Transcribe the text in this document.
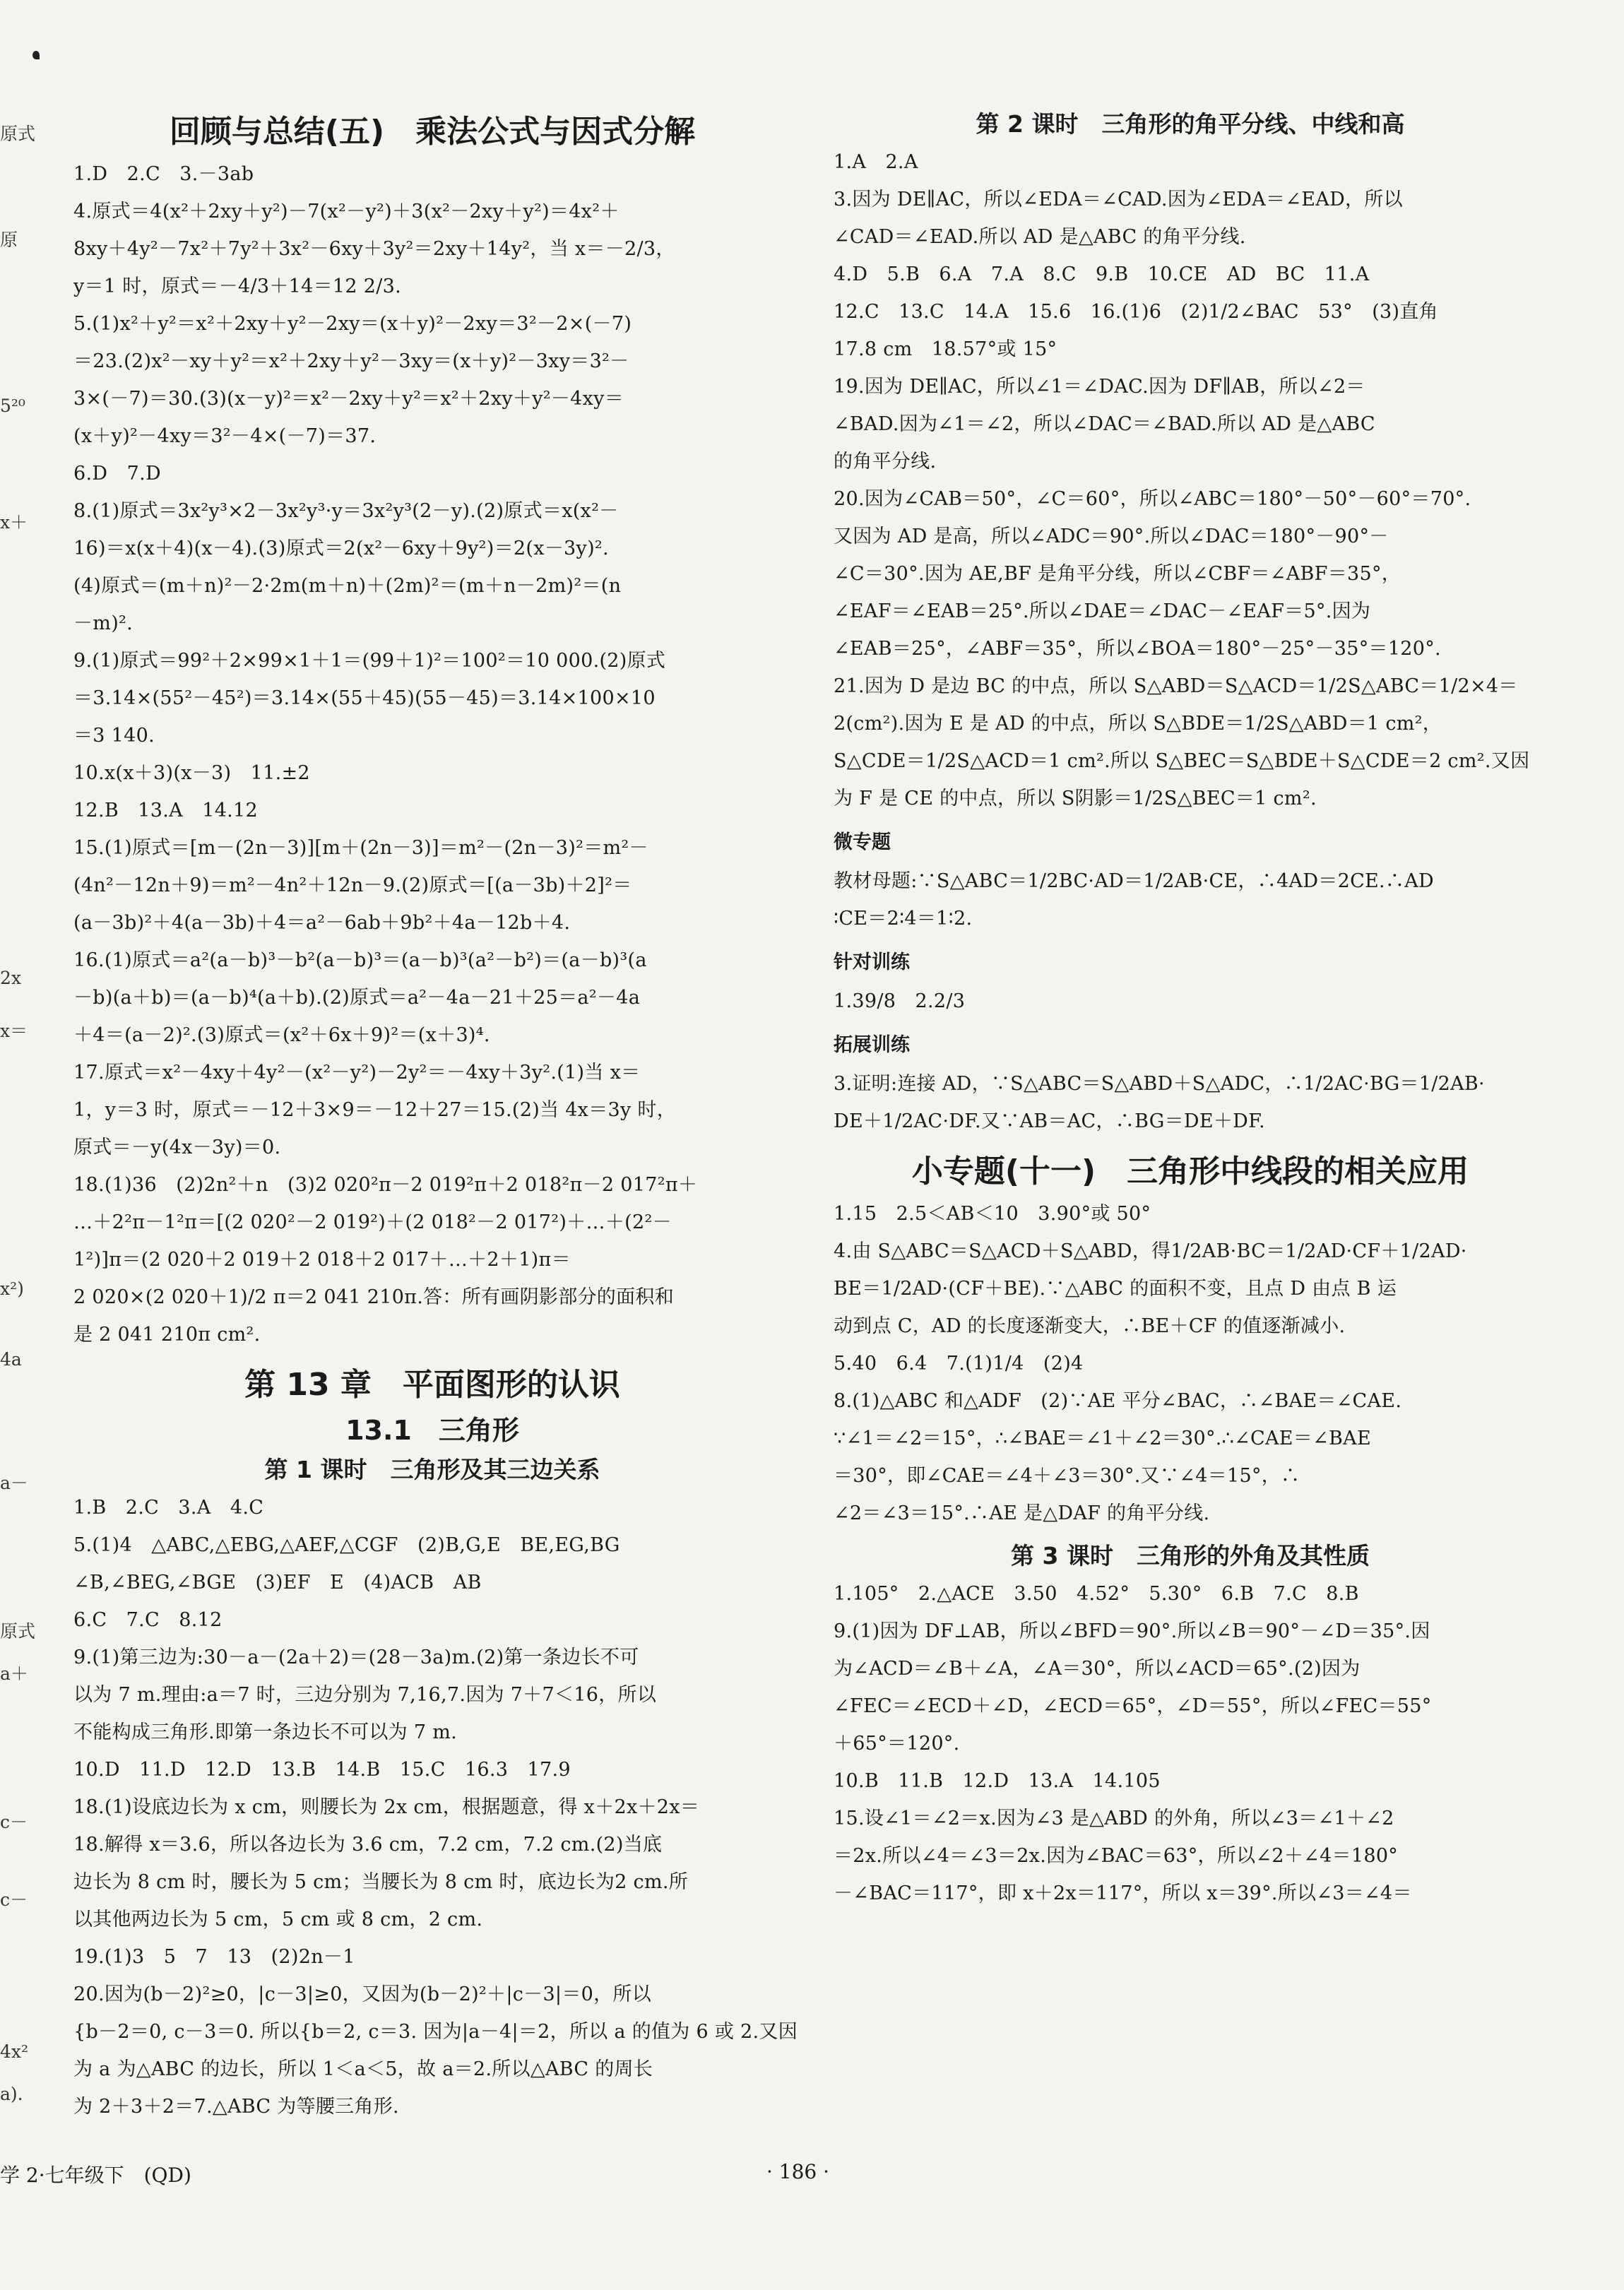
原式
原
5²⁰
x＋
2x
x＝
x²)
4a
a－
原式
a＋
c－
c－
4x²
a).
回顾与总结(五)　乘法公式与因式分解
1.D　2.C　3.－3ab
4.原式＝4(x²＋2xy＋y²)－7(x²－y²)＋3(x²－2xy＋y²)＝4x²＋
8xy＋4y²－7x²＋7y²＋3x²－6xy＋3y²＝2xy＋14y²，当 x＝－2/3，
y＝1 时，原式＝－4/3＋14＝12 2/3.
5.(1)x²＋y²＝x²＋2xy＋y²－2xy＝(x＋y)²－2xy＝3²－2×(－7)
＝23.(2)x²－xy＋y²＝x²＋2xy＋y²－3xy＝(x＋y)²－3xy＝3²－
3×(－7)＝30.(3)(x－y)²＝x²－2xy＋y²＝x²＋2xy＋y²－4xy＝
(x＋y)²－4xy＝3²－4×(－7)＝37.
6.D　7.D
8.(1)原式＝3x²y³×2－3x²y³·y＝3x²y³(2－y).(2)原式＝x(x²－
16)＝x(x＋4)(x－4).(3)原式＝2(x²－6xy＋9y²)＝2(x－3y)².
(4)原式＝(m＋n)²－2·2m(m＋n)＋(2m)²＝(m＋n－2m)²＝(n
－m)².
9.(1)原式＝99²＋2×99×1＋1＝(99＋1)²＝100²＝10 000.(2)原式
＝3.14×(55²－45²)＝3.14×(55＋45)(55－45)＝3.14×100×10
＝3 140.
10.x(x＋3)(x－3)　11.±2
12.B　13.A　14.12
15.(1)原式＝[m－(2n－3)][m＋(2n－3)]＝m²－(2n－3)²＝m²－
(4n²－12n＋9)＝m²－4n²＋12n－9.(2)原式＝[(a－3b)＋2]²＝
(a－3b)²＋4(a－3b)＋4＝a²－6ab＋9b²＋4a－12b＋4.
16.(1)原式＝a²(a－b)³－b²(a－b)³＝(a－b)³(a²－b²)＝(a－b)³(a
－b)(a＋b)＝(a－b)⁴(a＋b).(2)原式＝a²－4a－21＋25＝a²－4a
＋4＝(a－2)².(3)原式＝(x²＋6x＋9)²＝(x＋3)⁴.
17.原式＝x²－4xy＋4y²－(x²－y²)－2y²＝－4xy＋3y².(1)当 x＝
1，y＝3 时，原式＝－12＋3×9＝－12＋27＝15.(2)当 4x＝3y 时，
原式＝－y(4x－3y)＝0.
18.(1)36　(2)2n²＋n　(3)2 020²π－2 019²π＋2 018²π－2 017²π＋
…＋2²π－1²π＝[(2 020²－2 019²)＋(2 018²－2 017²)＋…＋(2²－
1²)]π＝(2 020＋2 019＋2 018＋2 017＋…＋2＋1)π＝
2 020×(2 020＋1)/2 π＝2 041 210π.答：所有画阴影部分的面积和
是 2 041 210π cm².
第 13 章　平面图形的认识
13.1　三角形
第 1 课时　三角形及其三边关系
1.B　2.C　3.A　4.C
5.(1)4　△ABC,△EBG,△AEF,△CGF　(2)B,G,E　BE,EG,BG
∠B,∠BEG,∠BGE　(3)EF　E　(4)ACB　AB
6.C　7.C　8.12
9.(1)第三边为:30－a－(2a＋2)＝(28－3a)m.(2)第一条边长不可
以为 7 m.理由:a＝7 时，三边分别为 7,16,7.因为 7＋7＜16，所以
不能构成三角形.即第一条边长不可以为 7 m.
10.D　11.D　12.D　13.B　14.B　15.C　16.3　17.9
18.(1)设底边长为 x cm，则腰长为 2x cm，根据题意，得 x＋2x＋2x＝
18.解得 x＝3.6，所以各边长为 3.6 cm，7.2 cm，7.2 cm.(2)当底
边长为 8 cm 时，腰长为 5 cm；当腰长为 8 cm 时，底边长为2 cm.所
以其他两边长为 5 cm，5 cm 或 8 cm，2 cm.
19.(1)3　5　7　13　(2)2n－1
20.因为(b－2)²≥0，|c－3|≥0，又因为(b－2)²＋|c－3|＝0，所以
{b－2＝0, c－3＝0. 所以{b＝2, c＝3. 因为|a－4|＝2，所以 a 的值为 6 或 2.又因
为 a 为△ABC 的边长，所以 1＜a＜5，故 a＝2.所以△ABC 的周长
为 2＋3＋2＝7.△ABC 为等腰三角形.
第 2 课时　三角形的角平分线、中线和高
1.A　2.A
3.因为 DE∥AC，所以∠EDA＝∠CAD.因为∠EDA＝∠EAD，所以
∠CAD＝∠EAD.所以 AD 是△ABC 的角平分线.
4.D　5.B　6.A　7.A　8.C　9.B　10.CE　AD　BC　11.A
12.C　13.C　14.A　15.6　16.(1)6　(2)1/2∠BAC　53°　(3)直角
17.8 cm　18.57°或 15°
19.因为 DE∥AC，所以∠1＝∠DAC.因为 DF∥AB，所以∠2＝
∠BAD.因为∠1＝∠2，所以∠DAC＝∠BAD.所以 AD 是△ABC
的角平分线.
20.因为∠CAB＝50°，∠C＝60°，所以∠ABC＝180°－50°－60°＝70°.
又因为 AD 是高，所以∠ADC＝90°.所以∠DAC＝180°－90°－
∠C＝30°.因为 AE,BF 是角平分线，所以∠CBF＝∠ABF＝35°，
∠EAF＝∠EAB＝25°.所以∠DAE＝∠DAC－∠EAF＝5°.因为
∠EAB＝25°，∠ABF＝35°，所以∠BOA＝180°－25°－35°＝120°.
21.因为 D 是边 BC 的中点，所以 S△ABD＝S△ACD＝1/2S△ABC＝1/2×4＝
2(cm²).因为 E 是 AD 的中点，所以 S△BDE＝1/2S△ABD＝1 cm²，
S△CDE＝1/2S△ACD＝1 cm².所以 S△BEC＝S△BDE＋S△CDE＝2 cm².又因
为 F 是 CE 的中点，所以 S阴影＝1/2S△BEC＝1 cm².
微专题
教材母题:∵S△ABC＝1/2BC·AD＝1/2AB·CE，∴4AD＝2CE.∴AD
∶CE＝2∶4＝1∶2.
针对训练
1.39/8　2.2/3
拓展训练
3.证明:连接 AD，∵S△ABC＝S△ABD＋S△ADC，∴1/2AC·BG＝1/2AB·
DE＋1/2AC·DF.又∵AB＝AC，∴BG＝DE＋DF.
小专题(十一)　三角形中线段的相关应用
1.15　2.5＜AB＜10　3.90°或 50°
4.由 S△ABC＝S△ACD＋S△ABD，得1/2AB·BC＝1/2AD·CF＋1/2AD·
BE＝1/2AD·(CF＋BE).∵△ABC 的面积不变，且点 D 由点 B 运
动到点 C，AD 的长度逐渐变大，∴BE＋CF 的值逐渐减小.
5.40　6.4　7.(1)1/4　(2)4
8.(1)△ABC 和△ADF　(2)∵AE 平分∠BAC，∴∠BAE＝∠CAE.
∵∠1＝∠2＝15°，∴∠BAE＝∠1＋∠2＝30°.∴∠CAE＝∠BAE
＝30°，即∠CAE＝∠4＋∠3＝30°.又∵∠4＝15°，∴
∠2＝∠3＝15°.∴AE 是△DAF 的角平分线.
第 3 课时　三角形的外角及其性质
1.105°　2.△ACE　3.50　4.52°　5.30°　6.B　7.C　8.B
9.(1)因为 DF⊥AB，所以∠BFD＝90°.所以∠B＝90°－∠D＝35°.因
为∠ACD＝∠B＋∠A，∠A＝30°，所以∠ACD＝65°.(2)因为
∠FEC＝∠ECD＋∠D，∠ECD＝65°，∠D＝55°，所以∠FEC＝55°
＋65°＝120°.
10.B　11.B　12.D　13.A　14.105
15.设∠1＝∠2＝x.因为∠3 是△ABD 的外角，所以∠3＝∠1＋∠2
＝2x.所以∠4＝∠3＝2x.因为∠BAC＝63°，所以∠2＋∠4＝180°
－∠BAC＝117°，即 x＋2x＝117°，所以 x＝39°.所以∠3＝∠4＝
学 2·七年级下　(QD)	· 186 ·
